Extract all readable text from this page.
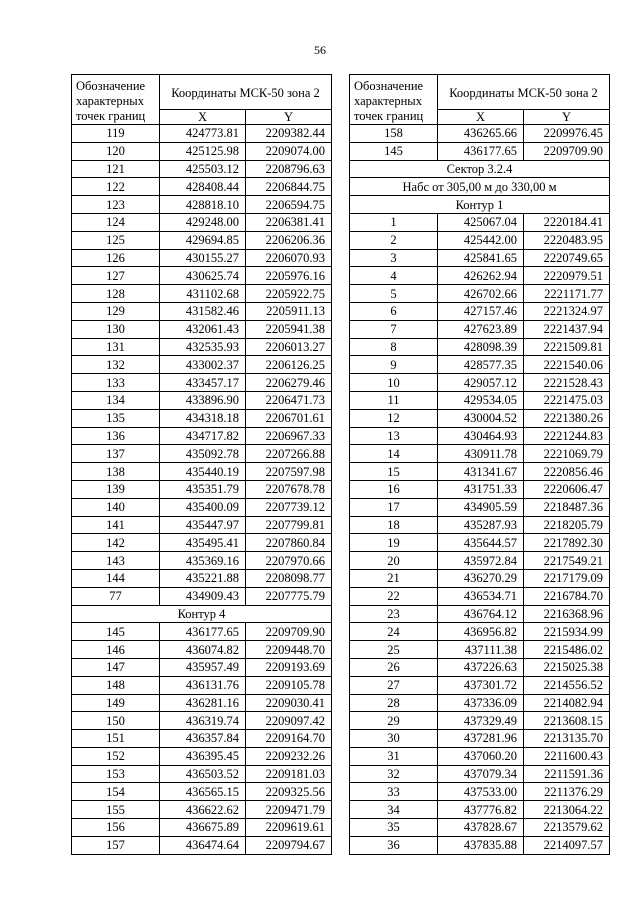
56
Обозначение характерных точек границ	Координаты МСК-50 зона 2	
	X	Y
119	424773.81	2209382.44
120	425125.98	2209074.00
121	425503.12	2208796.63
122	428408.44	2206844.75
123	428818.10	2206594.75
124	429248.00	2206381.41
125	429694.85	2206206.36
126	430155.27	2206070.93
127	430625.74	2205976.16
128	431102.68	2205922.75
129	431582.46	2205911.13
130	432061.43	2205941.38
131	432535.93	2206013.27
132	433002.37	2206126.25
133	433457.17	2206279.46
134	433896.90	2206471.73
135	434318.18	2206701.61
136	434717.82	2206967.33
137	435092.78	2207266.88
138	435440.19	2207597.98
139	435351.79	2207678.78
140	435400.09	2207739.12
141	435447.97	2207799.81
142	435495.41	2207860.84
143	435369.16	2207970.66
144	435221.88	2208098.77
77	434909.43	2207775.79
Контур 4		
145	436177.65	2209709.90
146	436074.82	2209448.70
147	435957.49	2209193.69
148	436131.76	2209105.78
149	436281.16	2209030.41
150	436319.74	2209097.42
151	436357.84	2209164.70
152	436395.45	2209232.26
153	436503.52	2209181.03
154	436565.15	2209325.56
155	436622.62	2209471.79
156	436675.89	2209619.61
157	436474.64	2209794.67
Обозначение характерных точек границ	Координаты МСК-50 зона 2	
	X	Y
158	436265.66	2209976.45
145	436177.65	2209709.90
Сектор 3.2.4		
Набс от 305,00 м до 330,00 м		
Контур 1		
1	425067.04	2220184.41
2	425442.00	2220483.95
3	425841.65	2220749.65
4	426262.94	2220979.51
5	426702.66	2221171.77
6	427157.46	2221324.97
7	427623.89	2221437.94
8	428098.39	2221509.81
9	428577.35	2221540.06
10	429057.12	2221528.43
11	429534.05	2221475.03
12	430004.52	2221380.26
13	430464.93	2221244.83
14	430911.78	2221069.79
15	431341.67	2220856.46
16	431751.33	2220606.47
17	434905.59	2218487.36
18	435287.93	2218205.79
19	435644.57	2217892.30
20	435972.84	2217549.21
21	436270.29	2217179.09
22	436534.71	2216784.70
23	436764.12	2216368.96
24	436956.82	2215934.99
25	437111.38	2215486.02
26	437226.63	2215025.38
27	437301.72	2214556.52
28	437336.09	2214082.94
29	437329.49	2213608.15
30	437281.96	2213135.70
31	437060.20	2211600.43
32	437079.34	2211591.36
33	437533.00	2211376.29
34	437776.82	2213064.22
35	437828.67	2213579.62
36	437835.88	2214097.57
